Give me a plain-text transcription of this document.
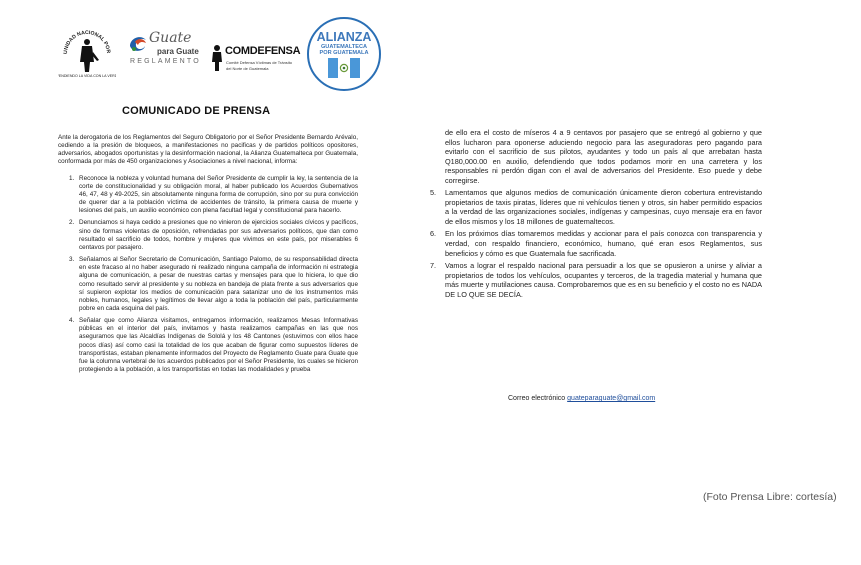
UNIDAD NACIONAL POR
ENDIENDO LA VIDA CON LA VER
Guate
para Guate
REGLAMENTO
COMDEFENSA
Comité Defensa Víctimas de Tránsito
del Norte de Guatemala
ALIANZA
GUATEMALTECA
POR GUATEMALA
COMUNICADO DE PRENSA

Ante la derogatoria de los Reglamentos del Seguro Obligatorio por el Señor Presidente Bernardo Arévalo, cediendo a la presión de bloqueos, a manifestaciones no pacificas y de partidos políticos opositores, adversarios, abogados oportunistas y la desinformación nacional, la Alianza Guatemalteca por Guatemala, conformada por más de 450 organizaciones y Asociaciones a nivel nacional, informa:

1. Reconoce la nobleza y voluntad humana del Señor Presidente de cumplir la ley, la sentencia de la corte de constitucionalidad y su obligación moral, al haber publicado los Acuerdos Gubernativos 46, 47, 48 y 49-2025, sin absolutamente ninguna forma de corrupción, sino por su pura convicción de querer dar a la población víctima de accidentes de tránsito, la primera causa de muerte y lesiones del país, un auxilio económico con plena facultad legal y constitucional para hacerlo.
2. Denunciamos si haya cedido a presiones que no vinieron de ejercicios sociales cívicos y pacíficos, sino de formas violentas de oposición, refrendadas por sus adversarios políticos, que dan como resultado el sacrificio de todos, hombre y mujeres que vivimos en este país, por miserables 6 centavos por pasajero.
3. Señalamos al Señor Secretario de Comunicación, Santiago Palomo, de su responsabilidad directa en este fracaso al no haber asegurado ni realizado ninguna campaña de información ni estrategia alguna de comunicación, a pesar de nuestras cartas y mensajes para que lo hiciera, lo que dio como resultado servir al presidente y su nobleza en bandeja de plata frente a sus adversarios que sí supieron explotar los medios de comunicación para satanizar uno de los instrumentos más nobles, humanos, legales y legítimos de llevar algo a toda la población del país, particularmente pobre en cada esquina del país.
4. Señalar que como Alianza visitamos, entregamos información, realizamos Mesas Informativas públicas en el interior del país, invitamos y hasta realizamos campañas en las que nos aseguramos que las Alcaldías Indígenas de Sololá y los 48 Cantones (estuvimos con ellos hace pocos días) así como casi la totalidad de los que acaban de figurar como supuestos líderes de transportistas, estaban plenamente informados del Proyecto de Reglamento Guate para Guate que fue la columna vertebral de los acuerdos publicados por el Señor Presidente, los cuales se hicieron protegiendo a la población, a los transportistas en todas las modalidades y prueba

de ello era el costo de míseros 4 a 9 centavos por pasajero que se entregó al gobierno y que ellos lucharon para oponerse aduciendo negocio para las aseguradoras pero pagando para evitarlo con el sacrificio de sus pilotos, ayudantes y todo un país al que arrebatan hasta Q180,000.00 en auxilio, defendiendo que todos podamos morir en una carretera y los responsables ni perdón digan con el aval de adversarios del Presidente. Eso puede y debe corregirse.

5. Lamentamos que algunos medios de comunicación únicamente dieron cobertura entrevistando propietarios de taxis piratas, líderes que ni vehículos tienen y otros, sin haber permitido espacios a la verdad de las organizaciones sociales, indígenas y campesinas, cuyo mensaje era en favor de ellos mismos y los 18 millones de guatemaltecos.
6. En los próximos días tomaremos medidas y accionar para el país conozca con transparencia y verdad, con respaldo financiero, económico, humano, qué eran esos Reglamentos, sus beneficios y cómo es que Guatemala fue sacrificada.
7. Vamos a lograr el respaldo nacional para persuadir a los que se opusieron a unirse y aliviar a propietarios de todos los vehículos, ocupantes y terceros, de la tragedia material y humana que más muerte y mutilaciones causa. Comprobaremos que es en su beneficio y el costo no es NADA DE LO QUE SE DECÍA.
Correo electrónico guateparaguate@gmail.com
(Foto Prensa Libre: cortesía)
